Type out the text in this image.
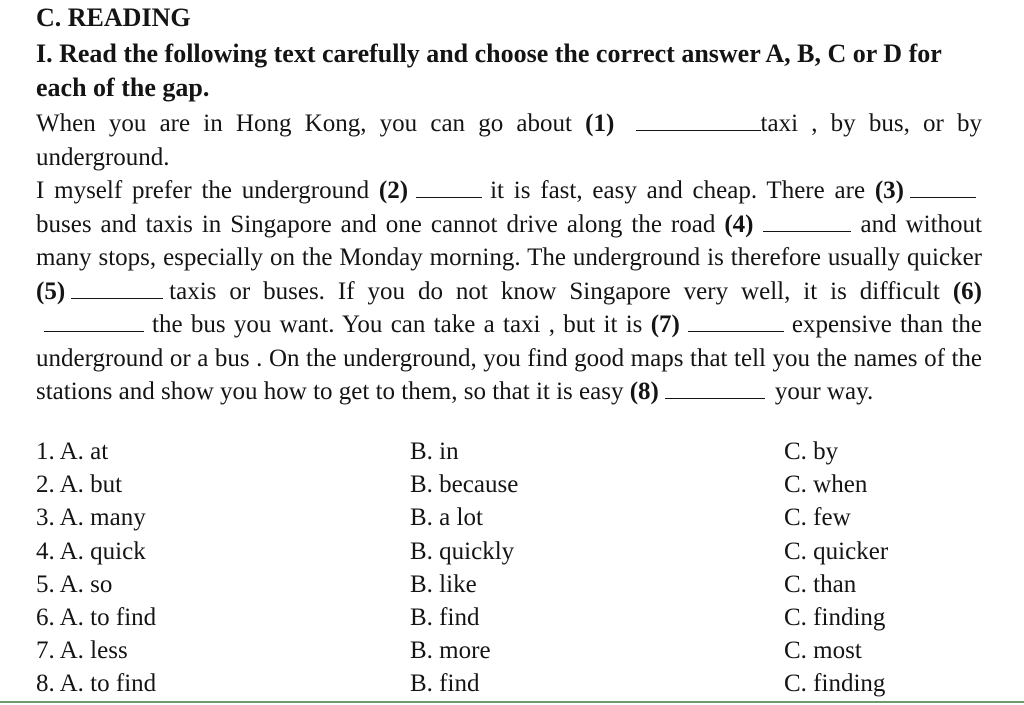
C. READING
I. Read the following text carefully and choose the correct answer A, B, C or D for each of the gap.
When you are in Hong Kong, you can go about (1)	taxi , by bus, or by underground.
I myself prefer the underground (2)	it is fast, easy and cheap. There are (3)buses and taxis in Singapore and one cannot drive along the road (4)	and without many stops, especially on the Monday morning. The underground is therefore usually quicker (5)	taxis or buses. If you do not know Singapore very well, it is difficult (6)the bus you want. You can take a taxi , but it is (7)	expensive than the underground or a bus . On the underground, you find good maps that tell you the names of the stations and show you how to get to them, so that it is easy (8)	your way.
1. A. at	B. in	C. by
2. A. but	B. because	C. when
3. A. many	B. a lot	C. few
4. A. quick	B. quickly	C. quicker
5. A. so	B. like	C. than
6. A. to find	B. find	C. finding
7. A. less	B. more	C. most
8. A. to find	B. find	C. finding
